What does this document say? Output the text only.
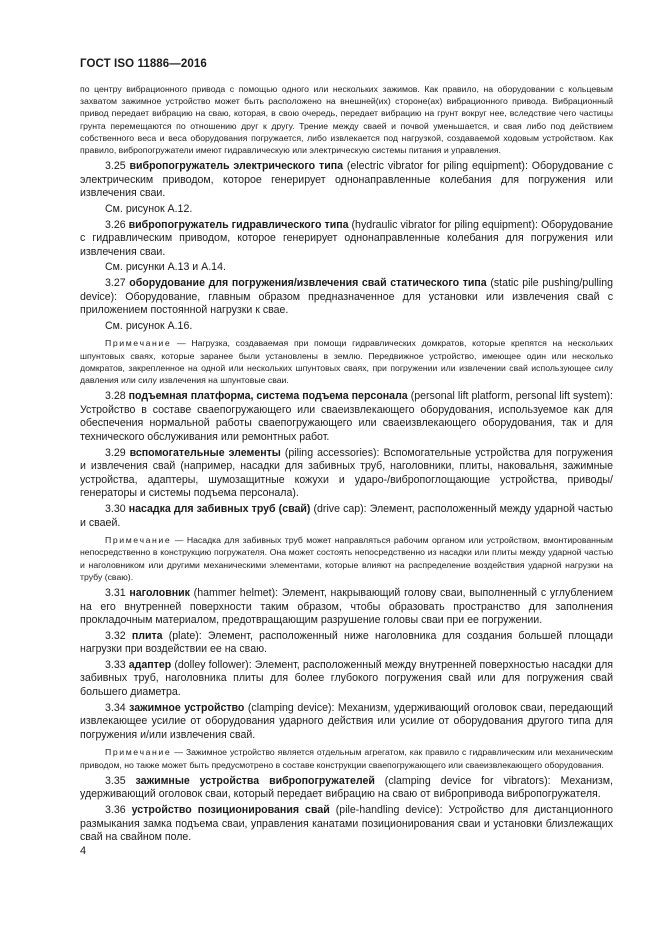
ГОСТ ISO 11886—2016

по центру вибрационного привода с помощью одного или нескольких зажимов. Как правило, на оборудовании с кольцевым захватом зажимное устройство может быть расположено на внешней(их) стороне(ах) вибрационного привода. Вибрационный привод передает вибрацию на сваю, которая, в свою очередь, передает вибрацию на грунт вокруг нее, вследствие чего частицы грунта перемещаются по отношению друг к другу. Трение между сваей и почвой уменьшается, и свая либо под действием собственного веса и веса оборудования погружается, либо извлекается под нагрузкой, создаваемой ходовым устройством. Как правило, вибропогружатели имеют гидравлическую или электрическую системы питания и управления.

3.25 вибропогружатель электрического типа (electric vibrator for piling equipment): Оборудование с электрическим приводом, которое генерирует однонаправленные колебания для погружения или извлечения сваи.

См. рисунок А.12.

3.26 вибропогружатель гидравлического типа (hydraulic vibrator for piling equipment): Оборудование с гидравлическим приводом, которое генерирует однонаправленные колебания для погружения или извлечения сваи.

См. рисунки А.13 и А.14.

3.27 оборудование для погружения/извлечения свай статического типа (static pile pushing/pulling device): Оборудование, главным образом предназначенное для установки или извлечения свай с приложением постоянной нагрузки к свае.

См. рисунок А.16.

Примечание — Нагрузка, создаваемая при помощи гидравлических домкратов, которые крепятся на нескольких шпунтовых сваях, которые заранее были установлены в землю. Передвижное устройство, имеющее один или несколько домкратов, закрепленное на одной или нескольких шпунтовых сваях, при погружении или извлечении свай использующее силу давления или силу извлечения на шпунтовые сваи.

3.28 подъемная платформа, система подъема персонала (personal lift platform, personal lift system): Устройство в составе сваепогружающего или сваеизвлекающего оборудования, используемое как для обеспечения нормальной работы сваепогружающего или сваеизвлекающего оборудования, так и для технического обслуживания или ремонтных работ.

3.29 вспомогательные элементы (piling accessories): Вспомогательные устройства для погружения и извлечения свай (например, насадки для забивных труб, наголовники, плиты, наковальня, зажимные устройства, адаптеры, шумозащитные кожухи и ударо-/вибропоглощающие устройства, приводы/генераторы и системы подъема персонала).

3.30 насадка для забивных труб (свай) (drive cap): Элемент, расположенный между ударной частью и сваей.

Примечание — Насадка для забивных труб может направляться рабочим органом или устройством, вмонтированным непосредственно в конструкцию погружателя. Она может состоять непосредственно из насадки или плиты между ударной частью и наголовником или другими механическими элементами, которые влияют на распределение воздействия ударной нагрузки на трубу (сваю).

3.31 наголовник (hammer helmet): Элемент, накрывающий голову сваи, выполненный с углублением на его внутренней поверхности таким образом, чтобы образовать пространство для заполнения прокладочным материалом, предотвращающим разрушение головы сваи при ее погружении.

3.32 плита (plate): Элемент, расположенный ниже наголовника для создания большей площади нагрузки при воздействии ее на сваю.

3.33 адаптер (dolley follower): Элемент, расположенный между внутренней поверхностью насадки для забивных труб, наголовника плиты для более глубокого погружения свай или для погружения свай большего диаметра.

3.34 зажимное устройство (clamping device): Механизм, удерживающий оголовок сваи, передающий извлекающее усилие от оборудования ударного действия или усилие от оборудования другого типа для погружения и/или извлечения свай.

Примечание — Зажимное устройство является отдельным агрегатом, как правило с гидравлическим или механическим приводом, но также может быть предусмотрено в составе конструкции сваепогружающего или сваеизвлекающего оборудования.

3.35 зажимные устройства вибропогружателей (clamping device for vibrators): Механизм, удерживающий оголовок сваи, который передает вибрацию на сваю от вибропривода вибропогружателя.

3.36 устройство позиционирования свай (pile-handling device): Устройство для дистанционного размыкания замка подъема сваи, управления канатами позиционирования сваи и установки близлежащих свай на свайном поле.

4
